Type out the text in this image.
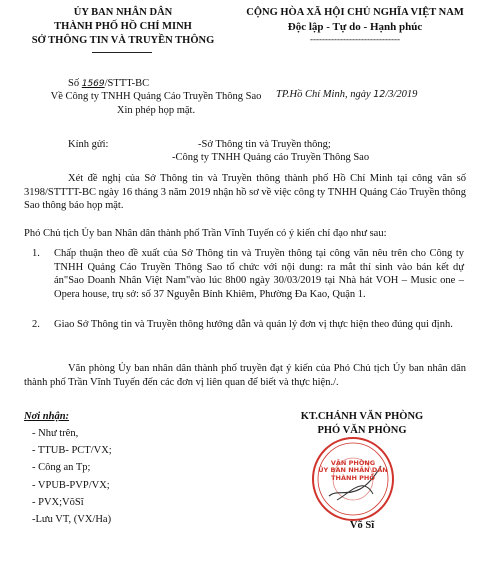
ỦY BAN NHÂN DÂN
THÀNH PHỐ HỒ CHÍ MINH
SỞ THÔNG TIN VÀ TRUYỀN THÔNG
CỘNG HÒA XÃ HỘI CHỦ NGHĨA VIỆT NAM
Độc lập - Tự do - Hạnh phúc
------------------------------
Số 1569/STTT-BC
Về Công ty TNHH Quảng Cáo Truyền Thông Sao
Xin phép họp mặt.
TP.Hồ Chí Minh, ngày 12/3/2019
Kính gửi:	-Sở Thông tin và Truyền thông;
-Công ty TNHH Quảng cáo Truyền Thông Sao
Xét đề nghị của Sở Thông tin và Truyền thông thành phố Hồ Chí Minh tại công văn số 3198/STTTT-BC ngày 16 tháng 3 năm 2019 nhận hồ sơ về việc công ty TNHH Quảng Cáo Truyền thông Sao thông báo họp mặt.
Phó Chủ tịch Ủy ban Nhân dân thành phố Trần Vĩnh Tuyến có ý kiến chỉ đạo như sau:
1. Chấp thuận theo đề xuất của Sở Thông tin và Truyền thông tại công văn nêu trên cho Công ty TNHH Quảng Cáo Truyền Thông Sao tổ chức với nội dung: ra mắt thí sinh vào bán kết dự án"Sao Doanh Nhân Việt Nam"vào lúc 8h00 ngày 30/03/2019 tại Nhà hát VOH – Music one – Opera house, trụ sở: số 37 Nguyễn Bỉnh Khiêm, Phường Đa Kao, Quận 1.
2. Giao Sở Thông tin và Truyền thông hướng dẫn và quản lý đơn vị thực hiện theo đúng qui định.
Văn phòng Ủy ban nhân dân thành phố truyền đạt ý kiến của Phó Chủ tịch Ủy ban nhân dân thành phố Trần Vĩnh Tuyến đến các đơn vị liên quan để biết và thực hiện./.
Nơi nhận:
- Như trên,
- TTUB- PCT/VX;
- Công an Tp;
- VPUB-PVP/VX;
- PVX;VõSĩ
-Lưu VT, (VX/Ha)
KT.CHÁNH VĂN PHÒNG
PHÓ VĂN PHÒNG
VĂN PHÒNG
ỦY BAN NHÂN DÂN
THÀNH PHỐ
Võ Sĩ
